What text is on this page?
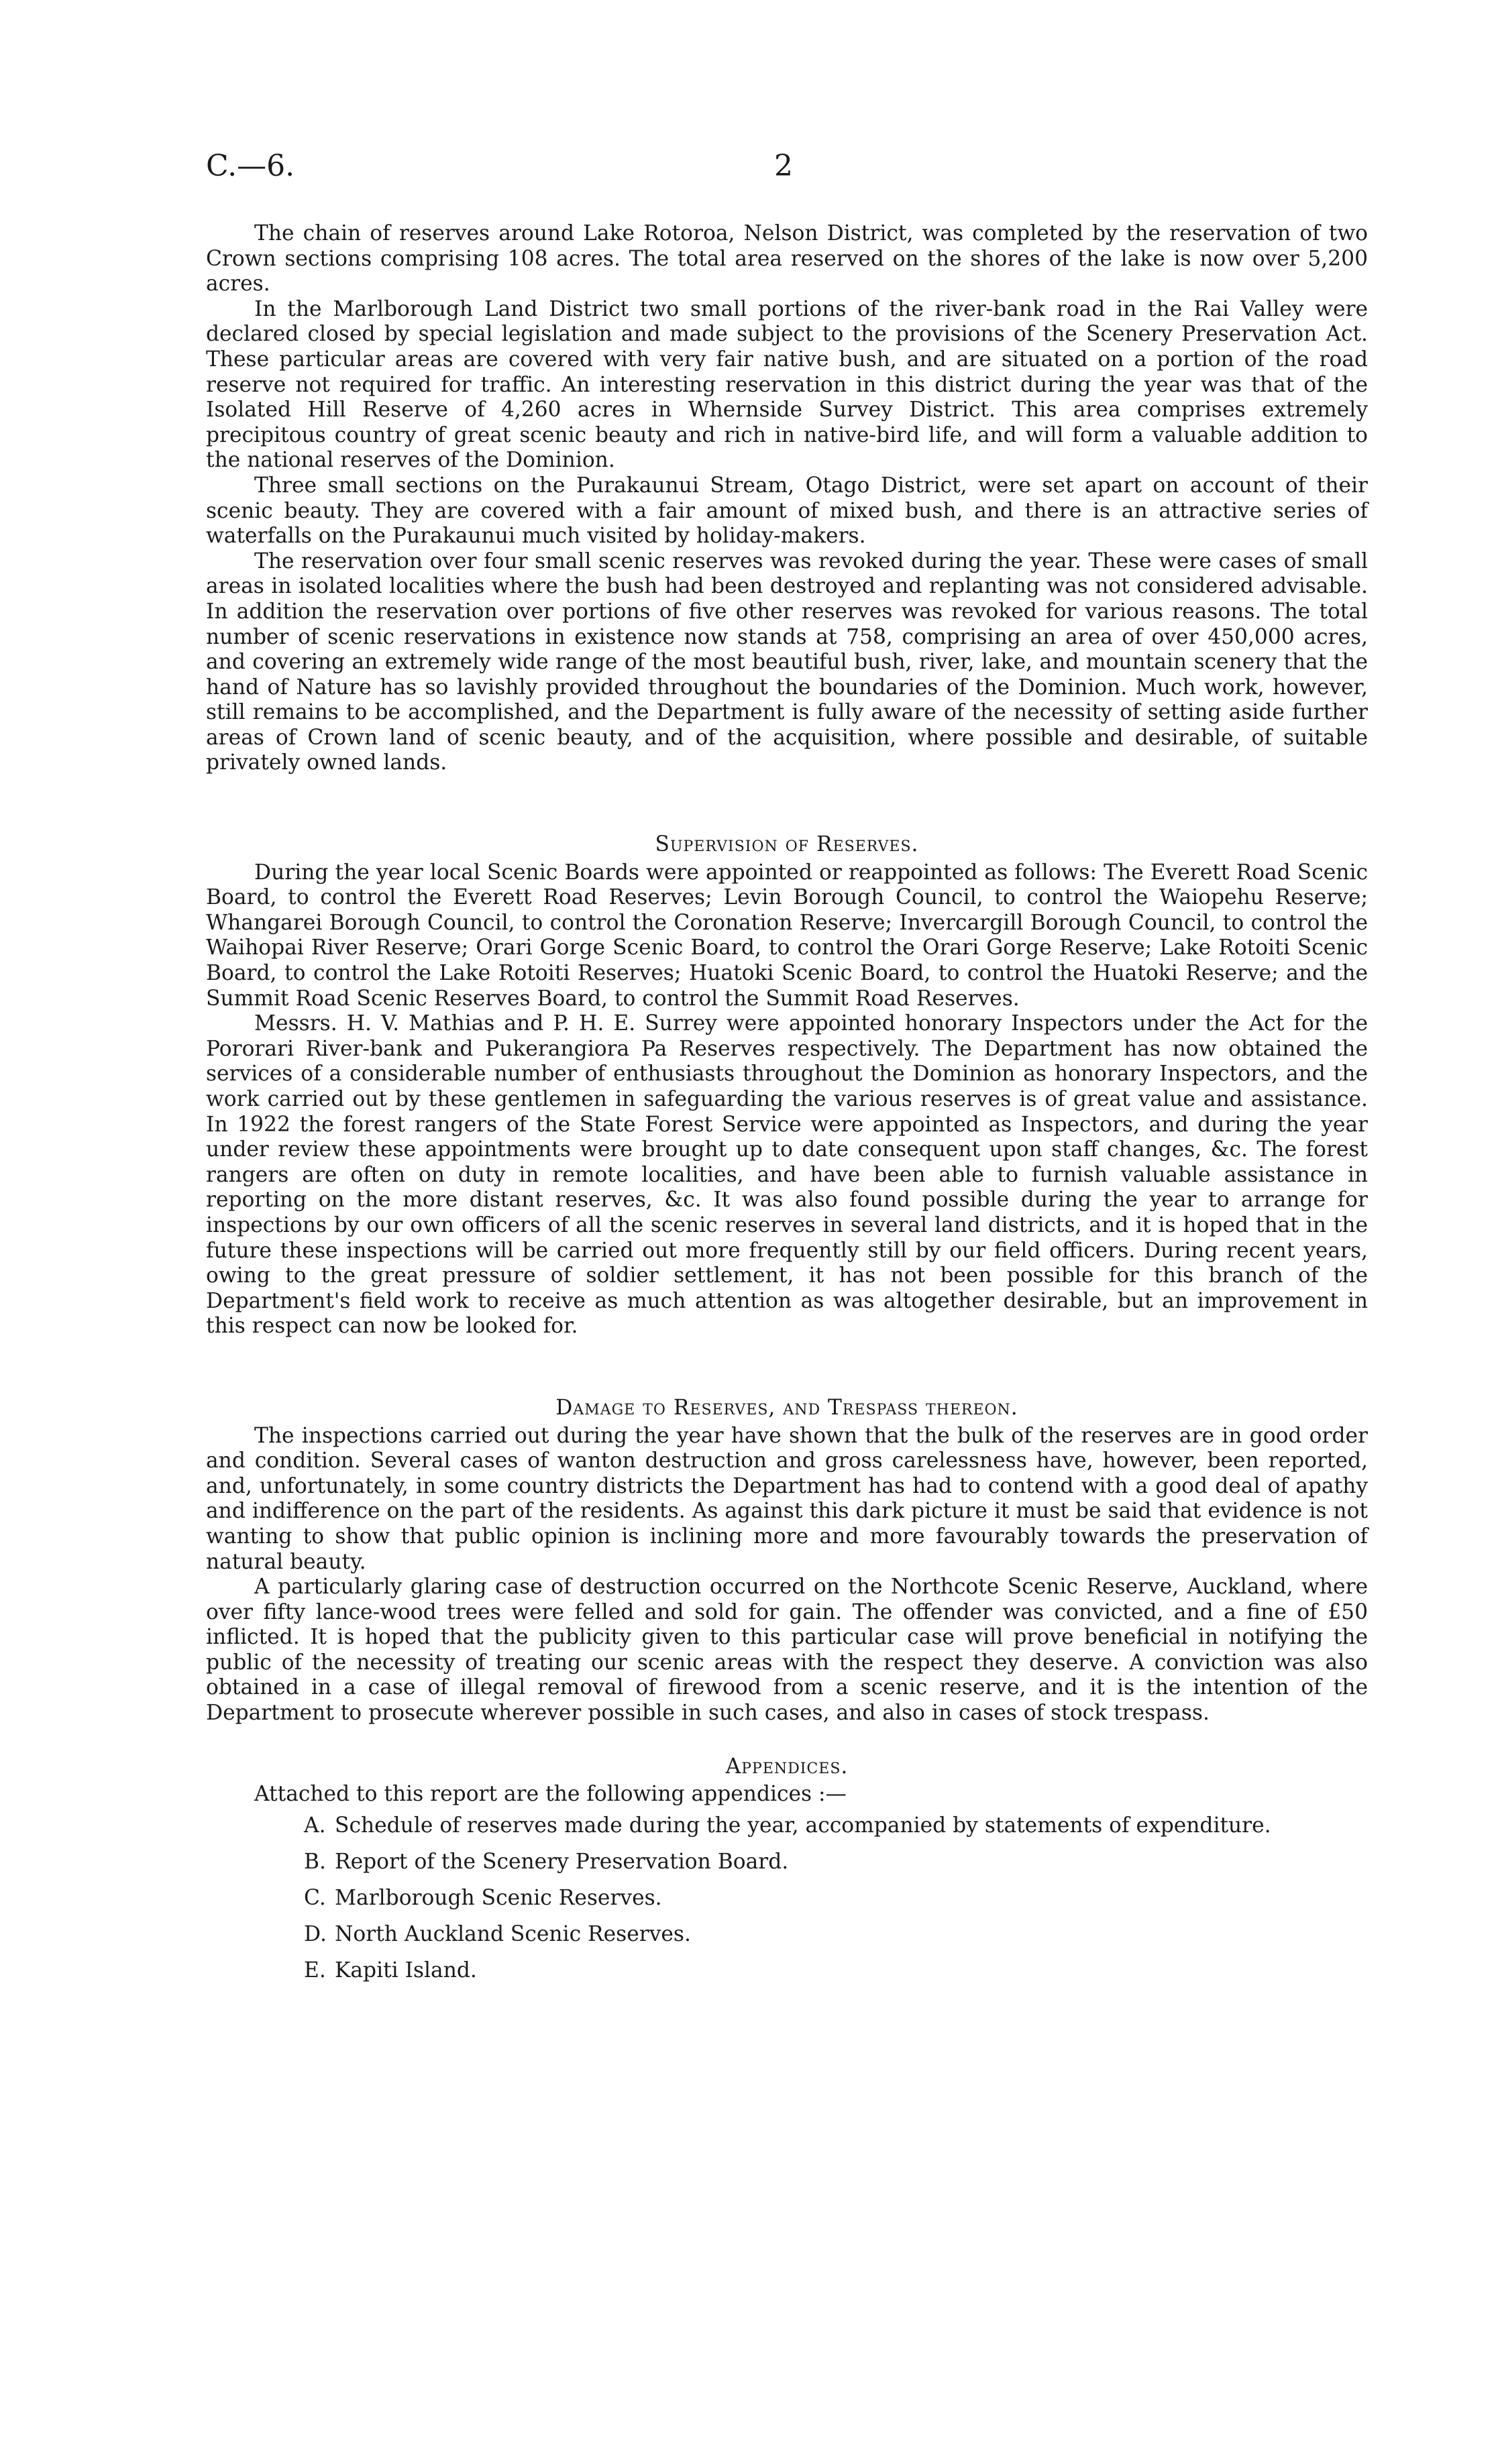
C.—6.	2

The chain of reserves around Lake Rotoroa, Nelson District, was completed by the reservation of two Crown sections comprising 108 acres. The total area reserved on the shores of the lake is now over 5,200 acres.

In the Marlborough Land District two small portions of the river-bank road in the Rai Valley were declared closed by special legislation and made subject to the provisions of the Scenery Preservation Act. These particular areas are covered with very fair native bush, and are situated on a portion of the road reserve not required for traffic. An interesting reservation in this district during the year was that of the Isolated Hill Reserve of 4,260 acres in Whernside Survey District. This area comprises extremely precipitous country of great scenic beauty and rich in native-bird life, and will form a valuable addition to the national reserves of the Dominion.

Three small sections on the Purakaunui Stream, Otago District, were set apart on account of their scenic beauty. They are covered with a fair amount of mixed bush, and there is an attractive series of waterfalls on the Purakaunui much visited by holiday-makers.

The reservation over four small scenic reserves was revoked during the year. These were cases of small areas in isolated localities where the bush had been destroyed and replanting was not considered advisable. In addition the reservation over portions of five other reserves was revoked for various reasons. The total number of scenic reservations in existence now stands at 758, comprising an area of over 450,000 acres, and covering an extremely wide range of the most beautiful bush, river, lake, and mountain scenery that the hand of Nature has so lavishly provided throughout the boundaries of the Dominion. Much work, however, still remains to be accomplished, and the Department is fully aware of the necessity of setting aside further areas of Crown land of scenic beauty, and of the acquisition, where possible and desirable, of suitable privately owned lands.

Supervision of Reserves.

During the year local Scenic Boards were appointed or reappointed as follows: The Everett Road Scenic Board, to control the Everett Road Reserves; Levin Borough Council, to control the Waiopehu Reserve; Whangarei Borough Council, to control the Coronation Reserve; Invercargill Borough Council, to control the Waihopai River Reserve; Orari Gorge Scenic Board, to control the Orari Gorge Reserve; Lake Rotoiti Scenic Board, to control the Lake Rotoiti Reserves; Huatoki Scenic Board, to control the Huatoki Reserve; and the Summit Road Scenic Reserves Board, to control the Summit Road Reserves.

Messrs. H. V. Mathias and P. H. E. Surrey were appointed honorary Inspectors under the Act for the Pororari River-bank and Pukerangiora Pa Reserves respectively. The Department has now obtained the services of a considerable number of enthusiasts throughout the Dominion as honorary Inspectors, and the work carried out by these gentlemen in safeguarding the various reserves is of great value and assistance. In 1922 the forest rangers of the State Forest Service were appointed as Inspectors, and during the year under review these appointments were brought up to date consequent upon staff changes, &c. The forest rangers are often on duty in remote localities, and have been able to furnish valuable assistance in reporting on the more distant reserves, &c. It was also found possible during the year to arrange for inspections by our own officers of all the scenic reserves in several land districts, and it is hoped that in the future these inspections will be carried out more frequently still by our field officers. During recent years, owing to the great pressure of soldier settlement, it has not been possible for this branch of the Department's field work to receive as much attention as was altogether desirable, but an improvement in this respect can now be looked for.

Damage to Reserves, and Trespass thereon.

The inspections carried out during the year have shown that the bulk of the reserves are in good order and condition. Several cases of wanton destruction and gross carelessness have, however, been reported, and, unfortunately, in some country districts the Department has had to contend with a good deal of apathy and indifference on the part of the residents. As against this dark picture it must be said that evidence is not wanting to show that public opinion is inclining more and more favourably towards the preservation of natural beauty.

A particularly glaring case of destruction occurred on the Northcote Scenic Reserve, Auckland, where over fifty lance-wood trees were felled and sold for gain. The offender was convicted, and a fine of £50 inflicted. It is hoped that the publicity given to this particular case will prove beneficial in notifying the public of the necessity of treating our scenic areas with the respect they deserve. A conviction was also obtained in a case of illegal removal of firewood from a scenic reserve, and it is the intention of the Department to prosecute wherever possible in such cases, and also in cases of stock trespass.

Appendices.

Attached to this report are the following appendices :—

A. Schedule of reserves made during the year, accompanied by statements of expenditure.
B. Report of the Scenery Preservation Board.
C. Marlborough Scenic Reserves.
D. North Auckland Scenic Reserves.
E. Kapiti Island.
